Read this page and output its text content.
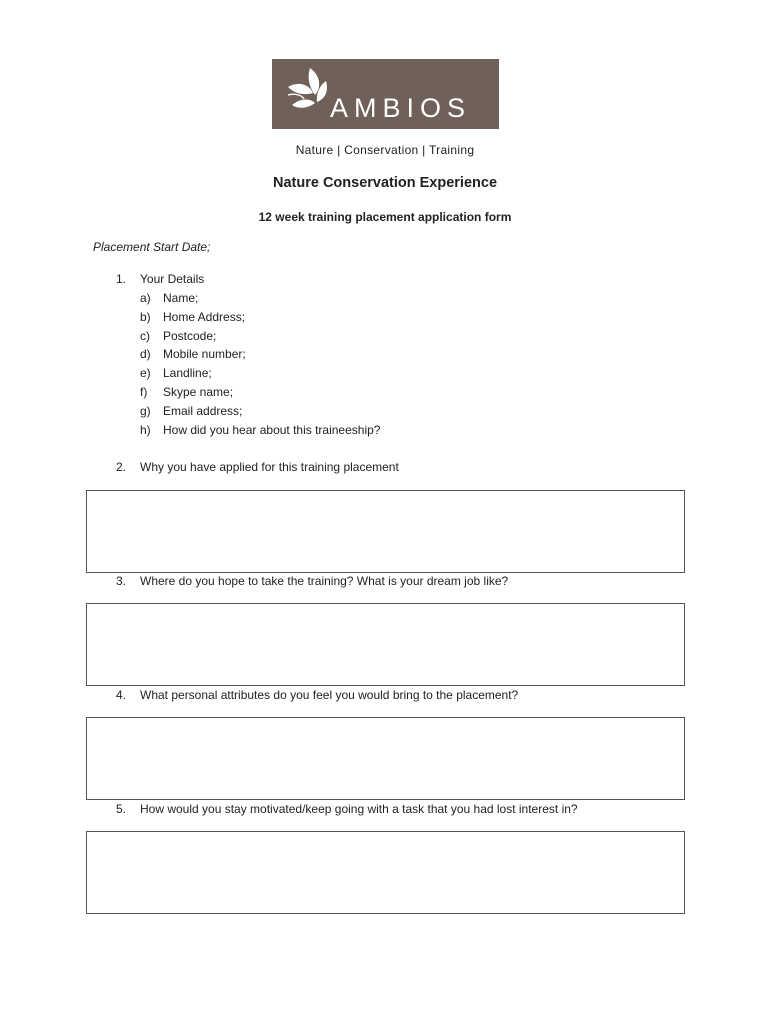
AMBIOS
Nature | Conservation | Training
Nature Conservation Experience
12 week training placement application form
Placement Start Date;
1.	Your Details
a) Name;
b) Home Address;
c) Postcode;
d) Mobile number;
e) Landline;
f) Skype name;
g) Email address;
h) How did you hear about this traineeship?
2.	Why you have applied for this training placement
3.	Where do you hope to take the training? What is your dream job like?
4.	What personal attributes do you feel you would bring to the placement?
5.	How would you stay motivated/keep going with a task that you had lost interest in?
